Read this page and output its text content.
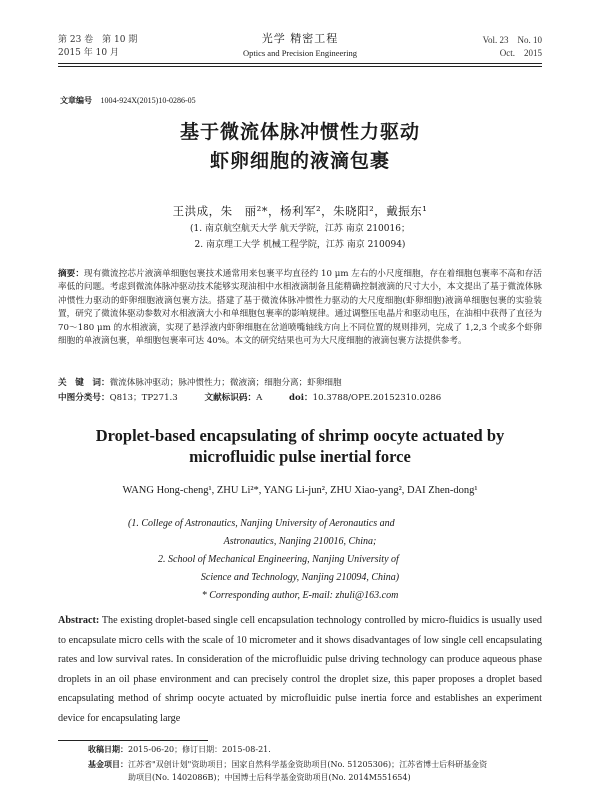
第 23 卷　第 10 期
2015 年 10 月
光学 精密工程
Optics and Precision Engineering
Vol. 23　No. 10
Oct.　2015
文章编号 1004-924X(2015)10-0286-05
基于微流体脉冲惯性力驱动
虾卵细胞的液滴包裹
王洪成，朱　丽²*，杨利军²，朱晓阳²，戴振东¹
(1. 南京航空航天大学 航天学院，江苏 南京 210016；
2. 南京理工大学 机械工程学院，江苏 南京 210094)
摘要：现有微流控芯片液滴单细胞包裹技术通常用来包裹平均直径约 10 μm 左右的小尺度细胞，存在着细胞包裹率不高和存活率低的问题。考虑到微流体脉冲驱动技术能够实现油相中水相液滴制备且能精确控制液滴的尺寸大小，本文提出了基于微流体脉冲惯性力驱动的虾卵细胞液滴包裹方法。搭建了基于微流体脉冲惯性力驱动的大尺度细胞(虾卵细胞)液滴单细胞包裹的实验装置，研究了微流体驱动参数对水相液滴大小和单细胞包裹率的影响规律。通过调整压电晶片和驱动电压，在油相中获得了直径为 70～180 μm 的水相液滴，实现了悬浮液内虾卵细胞在岔道喷嘴轴线方向上不同位置的规则排列，完成了 1,2,3 个或多个虾卵细胞的单液滴包裹，单细胞包裹率可达 40%。本文的研究结果也可为大尺度细胞的液滴包裹方法提供参考。
关　键　词：微流体脉冲驱动；脉冲惯性力；微液滴；细胞分离；虾卵细胞
中图分类号：Q813；TP271.3	文献标识码：A	doi：10.3788/OPE.20152310.0286
Droplet-based encapsulating of shrimp oocyte actuated by
microfluidic pulse inertial force
WANG Hong-cheng¹, ZHU Li²*, YANG Li-jun², ZHU Xiao-yang², DAI Zhen-dong¹
(1. College of Astronautics, Nanjing University of Aeronautics and
Astronautics, Nanjing 210016, China;
2. School of Mechanical Engineering, Nanjing University of
Science and Technology, Nanjing 210094, China)
* Corresponding author, E-mail: zhuli@163.com
Abstract: The existing droplet-based single cell encapsulation technology controlled by micro-fluidics is usually used to encapsulate micro cells with the scale of 10 micrometer and it shows disadvantages of low single cell encapsulating rates and low survival rates. In consideration of the microfluidic pulse driving technology can produce aqueous phase droplets in an oil phase environment and can precisely control the droplet size, this paper proposes a droplet based encapsulating method of shrimp oocyte actuated by microfluidic pulse inertia force and establishes an experiment device for encapsulating large
收稿日期：2015-06-20；修订日期：2015-08-21.
基金项目：江苏省"双创计划"资助项目；国家自然科学基金资助项目(No. 51205306)；江苏省博士后科研基金资
助项目(No. 1402086B)；中国博士后科学基金资助项目(No. 2014M551654)
